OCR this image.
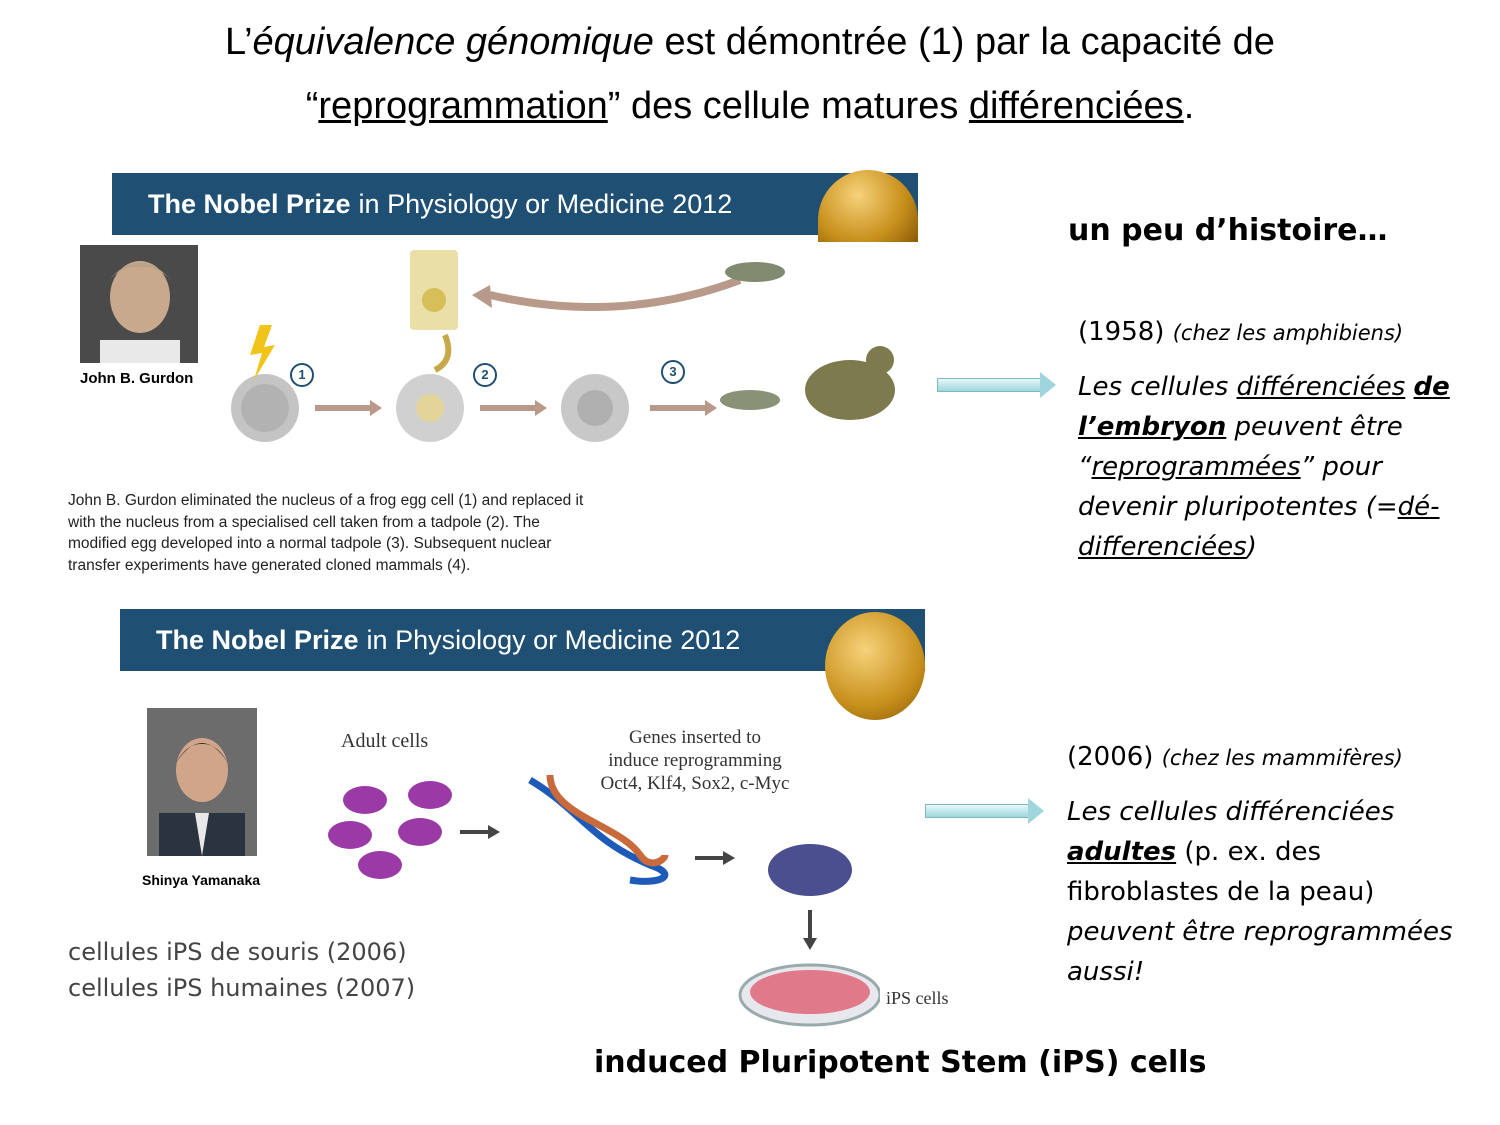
L’équivalence génomique est démontrée (1) par la capacité de
“reprogrammation” des cellule matures différenciées.
The Nobel Prize in Physiology or Medicine 2012
John B. Gurdon	1	2	3
John B. Gurdon eliminated the nucleus of a frog egg cell (1) and replaced it with the nucleus from a specialised cell taken from a tadpole (2). The modified egg developed into a normal tadpole (3). Subsequent nuclear transfer experiments have generated cloned mammals (4).
The Nobel Prize in Physiology or Medicine 2012
Shinya Yamanaka
Adult cells	Genes inserted to
induce reprogramming
Oct4, Klf4, Sox2, c-Myc
iPS cells
cellules iPS de souris (2006)
cellules iPS humaines (2007)
un peu d’histoire…
(1958) (chez les amphibiens)
Les cellules différenciées de
l’embryon peuvent être
“reprogrammées” pour
devenir pluripotentes (=dé-
differenciées)
(2006) (chez les mammifères)
Les cellules différenciées
adultes (p. ex. des
fibroblastes de la peau)
peuvent être reprogrammées
aussi!
induced Pluripotent Stem (iPS) cells
